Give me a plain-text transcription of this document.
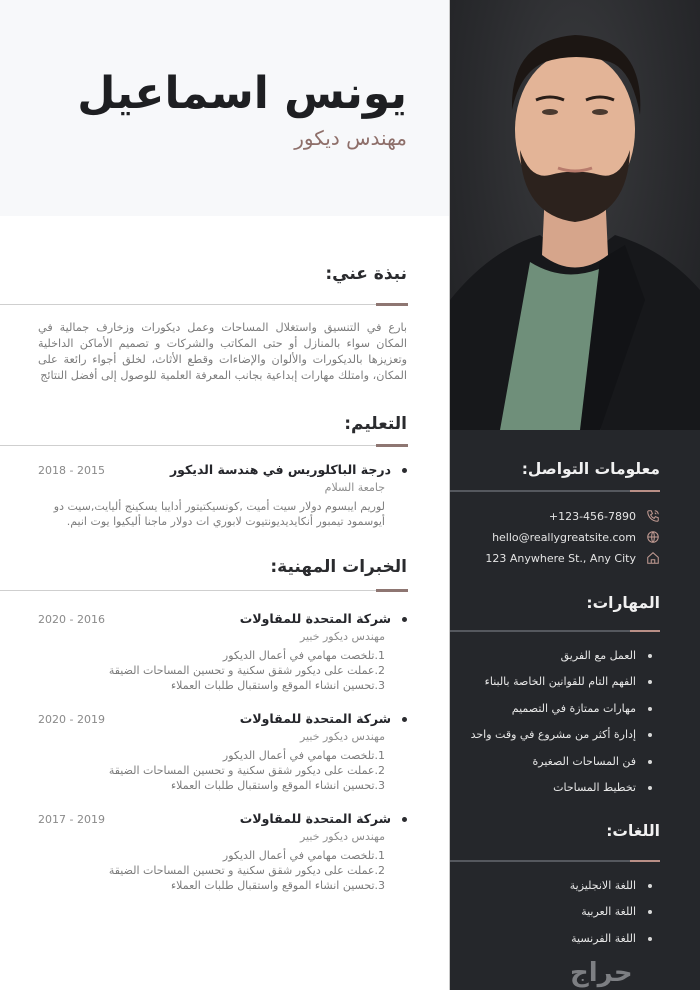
يونس اسماعيل
مهندس ديكور
نبذة عني:
بارع في التنسيق واستغلال المساحات وعمل ديكورات وزخارف جمالية في المكان سواء بالمنازل أو حتى المكاتب والشركات و تصميم الأماكن الداخلية وتعزيزها بالديكورات والألوان والإضاءات وقطع الأثاث، لخلق أجواء رائعة على المكان، وامتلك مهارات إبداعية بجانب المعرفة العلمية للوصول إلى أفضل النتائج
التعليم:
درجة الباكلوريس في هندسة الديكور
2018 - 2015
جامعة السلام
لوريم ايبسوم دولار سيت أميت ,كونسيكتيتور أدايبا يسكينج أليايت,سيت دو أيوسمود تيمبور أنكايديديونتيوت لابوري ات دولار ماجنا أليكيوا يوت انيم.
الخبرات المهنية:
شركة المتحدة للمقاولات
2020 - 2016
مهندس ديكور خبير
1.تلخصت مهامي في أعمال الديكور
2.عملت على ديكور شقق سكنية و تحسين المساحات الضيقة
3.تحسين انشاء الموقع واستقبال طلبات العملاء
شركة المتحدة للمقاولات
2020 - 2019
مهندس ديكور خبير
1.تلخصت مهامي في أعمال الديكور
2.عملت على ديكور شقق سكنية و تحسين المساحات الضيقة
3.تحسين انشاء الموقع واستقبال طلبات العملاء
شركة المتحدة للمقاولات
2017 - 2019
مهندس ديكور خبير
1.تلخصت مهامي في أعمال الديكور
2.عملت على ديكور شقق سكنية و تحسين المساحات الضيقة
3.تحسين انشاء الموقع واستقبال طلبات العملاء
معلومات التواصل:
+123-456-7890
hello@reallygreatsite.com
123 Anywhere St., Any City
المهارات:
العمل مع الفريق
الفهم التام للقوانين الخاصة بالبناء
مهارات ممتازة في التصميم
إدارة أكثر من مشروع في وقت واحد
فن المساحات الصغيرة
تخطيط المساحات
اللغات:
اللغة الانجليزية
اللغة العربية
اللغة الفرنسية
حراج
